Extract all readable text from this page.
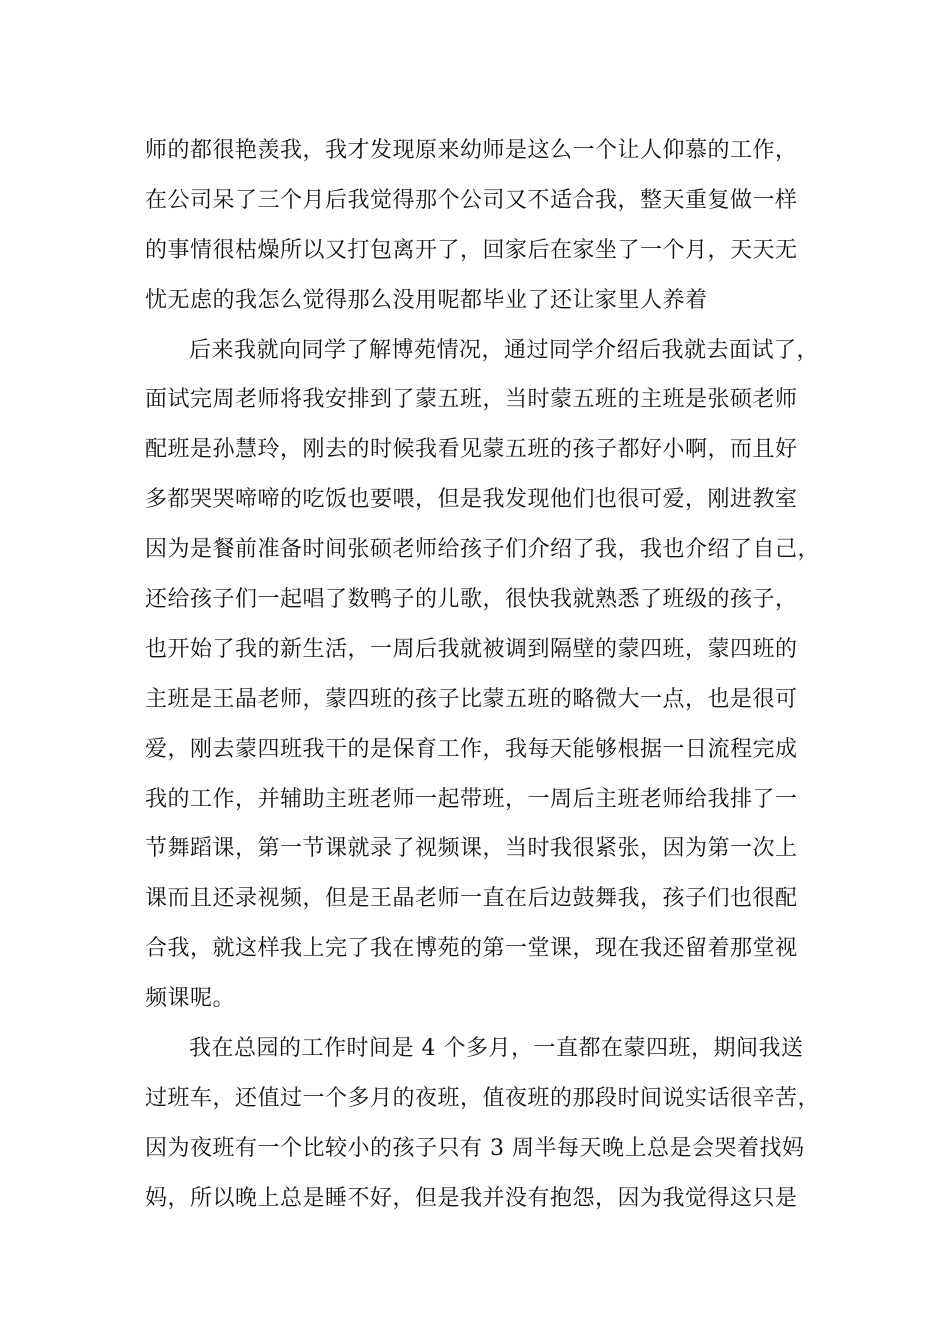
师的都很艳羡我，我才发现原来幼师是这么一个让人仰慕的工作，
在公司呆了三个月后我觉得那个公司又不适合我，整天重复做一样
的事情很枯燥所以又打包离开了，回家后在家坐了一个月，天天无
忧无虑的我怎么觉得那么没用呢都毕业了还让家里人养着
后来我就向同学了解博苑情况，通过同学介绍后我就去面试了，
面试完周老师将我安排到了蒙五班，当时蒙五班的主班是张硕老师
配班是孙慧玲，刚去的时候我看见蒙五班的孩子都好小啊，而且好
多都哭哭啼啼的吃饭也要喂，但是我发现他们也很可爱，刚进教室
因为是餐前准备时间张硕老师给孩子们介绍了我，我也介绍了自己，
还给孩子们一起唱了数鸭子的儿歌，很快我就熟悉了班级的孩子，
也开始了我的新生活，一周后我就被调到隔壁的蒙四班，蒙四班的
主班是王晶老师，蒙四班的孩子比蒙五班的略微大一点，也是很可
爱，刚去蒙四班我干的是保育工作，我每天能够根据一日流程完成
我的工作，并辅助主班老师一起带班，一周后主班老师给我排了一
节舞蹈课，第一节课就录了视频课，当时我很紧张，因为第一次上
课而且还录视频，但是王晶老师一直在后边鼓舞我，孩子们也很配
合我，就这样我上完了我在博苑的第一堂课，现在我还留着那堂视
频课呢。
我在总园的工作时间是 4 个多月，一直都在蒙四班，期间我送
过班车，还值过一个多月的夜班，值夜班的那段时间说实话很辛苦，
因为夜班有一个比较小的孩子只有 3 周半每天晚上总是会哭着找妈
妈，所以晚上总是睡不好，但是我并没有抱怨，因为我觉得这只是
